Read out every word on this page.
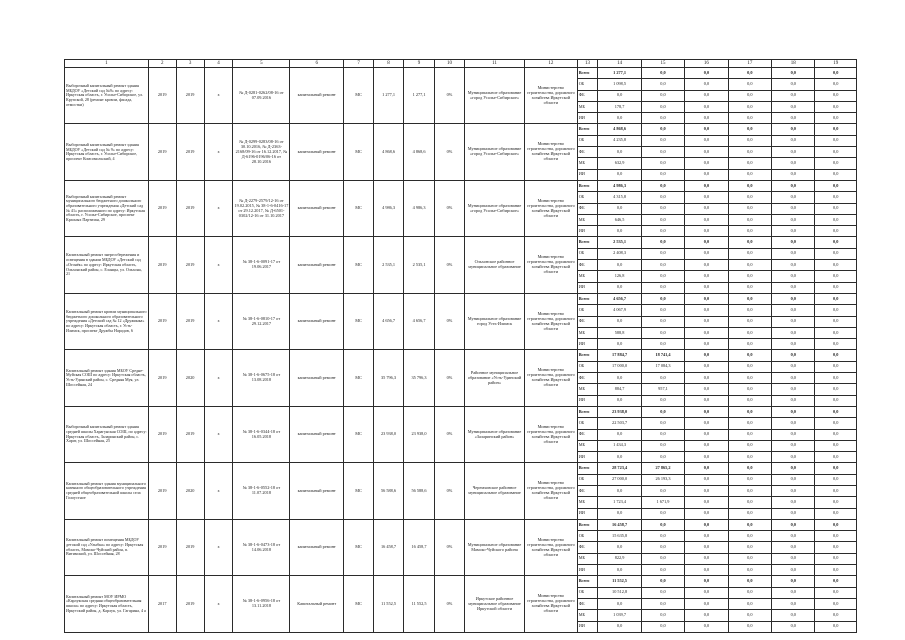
1	2	3	4	5	6	7	8	9	10	11	12	13	14	15	16	17	18	19
Выборочный капитальный ремонт здания МБДОУ «Детский сад №9» по адресу: Иркутская область, г. Усолье-Сибирское, ул. Крупской, 28 (ремонт кровли, фасада, отмостки)	2019	2019	х	№ Д-0281-0262/08-16 от 07.09.2016	капитальный ремонт	МС	1 277,1	1 277,1	0%	Муниципальное образование «город Усолье-Сибирское»	Министерство строительства, дорожного хозяйства Иркутской области	Всего	1 277,1	0,0	0,0	0,0	0,0	0,0
												ОБ	1 098,5	0,0	0,0	0,0	0,0	0,0
												ФБ	0,0	0,0	0,0	0,0	0,0	0,0
												МБ	178,7	0,0	0,0	0,0	0,0	0,0
												ИИ	0,0	0,0	0,0	0,0	0,0	0,0
Выборочный капитальный ремонт здания МБДОУ «Детский сад № 9» по адресу: Иркутская область, г. Усолье-Сибирское, проспект Комсомольский, 4	2019	2019	х	№ Д-0299-0283/08-16 от 30.10.2016, № Д-2363-2168/09-16 от 16.12.2017, № Д-6196-0196/06-16 от 28.10.2016	капитальный ремонт	МС	4 868,6	4 868,6	0%	Муниципальное образование «город Усолье-Сибирское»	Министерство строительства, дорожного хозяйства Иркутской области	Всего	4 868,6	0,0	0,0	0,0	0,0	0,0
												ОБ	4 235,8	0,0	0,0	0,0	0,0	0,0
												ФБ	0,0	0,0	0,0	0,0	0,0	0,0
												МБ	632,9	0,0	0,0	0,0	0,0	0,0
												ИИ	0,0	0,0	0,0	0,0	0,0	0,0
Выборочный капитальный ремонт муниципального бюджетного дошкольного образовательного учреждения «Детский сад № 41» расположенного по адресу: Иркутская область, г. Усолье-Сибирское, проспект Красных Партизан, 29	2019	2019	х	№ Д-2279-2579/12-16 от 19.02.2015, № 38-1-6-0416-17 от 29.12.2017, № Д-6501-0302/12-16 от 31.10.2017	капитальный ремонт	МС	4 986,3	4 986,3	0%	Муниципальное образование «город Усолье-Сибирское»	Министерство строительства, дорожного хозяйства Иркутской области	Всего	4 986,3	0,0	0,0	0,0	0,0	0,0
												ОБ	4 315,8	0,0	0,0	0,0	0,0	0,0
												ФБ	0,0	0,0	0,0	0,0	0,0	0,0
												МБ	646,5	0,0	0,0	0,0	0,0	0,0
												ИИ	0,0	0,0	0,0	0,0	0,0	0,0
Капитальный ремонт энергосбережения и освещения в здании МБДОУ «Детский сад «Огонёк» по адресу: Иркутская область, Ольхонский район, с. Еланцы, ул. Ольхона, 21	2019	2019	х	№ 38-1-6-0091-17 от 19.06.2017	капитальный ремонт	МС	2 535,1	2 535,1	0%	Ольхонское районное муниципальное образование	Министерство строительства, дорожного хозяйства Иркутской области	Всего	2 535,1	0,0	0,0	0,0	0,0	0,0
												ОБ	2 408,3	0,0	0,0	0,0	0,0	0,0
												ФБ	0,0	0,0	0,0	0,0	0,0	0,0
												МБ	126,8	0,0	0,0	0,0	0,0	0,0
												ИИ	0,0	0,0	0,0	0,0	0,0	0,0
Капитальный ремонт кровли муниципального бюджетного дошкольного образовательного учреждения «Детский сад № 12 «Дружинка» по адресу: Иркутская область, г. Усть-Илимск, проспект Дружбы Народов, 6	2019	2019	х	№ 38-1-6-0810-17 от 29.12.2017	капитальный ремонт	МС	4 656,7	4 656,7	0%	Муниципальное образование город Усть-Илимск	Министерство строительства, дорожного хозяйства Иркутской области	Всего	4 656,7	0,0	0,0	0,0	0,0	0,0
												ОБ	4 067,9	0,0	0,0	0,0	0,0	0,0
												ФБ	0,0	0,0	0,0	0,0	0,0	0,0
												МБ	588,8	0,0	0,0	0,0	0,0	0,0
												ИИ	0,0	0,0	0,0	0,0	0,0	0,0
Капитальный ремонт здания МБОУ Средне-Муйская СОШ по адресу: Иркутская область, Усть-Удинский район, с. Средняя Муя, ул. Шоссейная, 24	2019	2020	х	№ 38-1-6-0675-18 от 13.08.2018	капитальный ремонт	МС	35 796,3	35 796,3	0%	Районное муниципальное образование «Усть-Удинский район»	Министерство строительства, дорожного хозяйства Иркутской области	Всего	17 884,7	18 741,4	0,0	0,0	0,0	0,0
												ОБ	17 000,0	17 084,3	0,0	0,0	0,0	0,0
												ФБ	0,0	0,0	0,0	0,0	0,0	0,0
												МБ	884,7	957,1	0,0	0,0	0,0	0,0
												ИИ	0,0	0,0	0,0	0,0	0,0	0,0
Выборочный капитальный ремонт здания средней школы Харагунская СОШ, по адресу: Иркутская область, Заларинский район, с. Харат, ул. Шоссейная, 25	2019	2019	х	№ 38-1-6-0344-18 от 16.05.2018	капитальный ремонт	МС	23 938,0	23 938,0	0%	Муниципальное образование «Заларинский район»	Министерство строительства, дорожного хозяйства Иркутской области	Всего	23 938,0	0,0	0,0	0,0	0,0	0,0
												ОБ	22 503,7	0,0	0,0	0,0	0,0	0,0
												ФБ	0,0	0,0	0,0	0,0	0,0	0,0
												МБ	1 434,3	0,0	0,0	0,0	0,0	0,0
												ИИ	0,0	0,0	0,0	0,0	0,0	0,0
Капитальный ремонт здания муниципального казенного общеобразовательного учреждения средней общеобразовательной школы села Голоустное	2019	2020	х	№ 38-1-6-0552-18 от 11.07.2018	капитальный ремонт	МС	56 588,6	56 588,6	0%	Черемховское районное муниципальное образование	Министерство строительства, дорожного хозяйства Иркутской области	Всего	28 723,4	27 865,2	0,0	0,0	0,0	0,0
												ОБ	27 000,0	26 193,3	0,0	0,0	0,0	0,0
												ФБ	0,0	0,0	0,0	0,0	0,0	0,0
												МБ	1 723,4	1 671,9	0,0	0,0	0,0	0,0
												ИИ	0,0	0,0	0,0	0,0	0,0	0,0
Капитальный ремонт помещения МБДОУ детский сад «Улыбка» по адресу: Иркутская область, Мамско-Чуйский район, п. Витимский, ул. Шоссейная, 28	2019	2019	х	№ 38-1-6-0473-18 от 14.06.2018	капитальный ремонт	МС	16 458,7	16 458,7	0%	Муниципальное образование Мамско-Чуйского района	Министерство строительства, дорожного хозяйства Иркутской области	Всего	16 458,7	0,0	0,0	0,0	0,0	0,0
												ОБ	15 635,8	0,0	0,0	0,0	0,0	0,0
												ФБ	0,0	0,0	0,0	0,0	0,0	0,0
												МБ	822,9	0,0	0,0	0,0	0,0	0,0
												ИИ	0,0	0,0	0,0	0,0	0,0	0,0
Капитальный ремонт МОУ ИРМО «Карлукская средняя общеобразовательная школа» по адресу: Иркутская область, Иркутский район, д. Карлук, ул. Гагарина, 4 а	2017	2019	х	№ 38-1-6-0956-18 от 13.11.2018	Капитальный ремонт	МС	11 552,5	11 552,5	0%	Иркутское районное муниципальное образование Иркутской области	Министерство строительства, дорожного хозяйства Иркутской области	Всего	11 552,5	0,0	0,0	0,0	0,0	0,0
												ОБ	10 512,8	0,0	0,0	0,0	0,0	0,0
												ФБ	0,0	0,0	0,0	0,0	0,0	0,0
												МБ	1 039,7	0,0	0,0	0,0	0,0	0,0
												ИИ	0,0	0,0	0,0	0,0	0,0	0,0
